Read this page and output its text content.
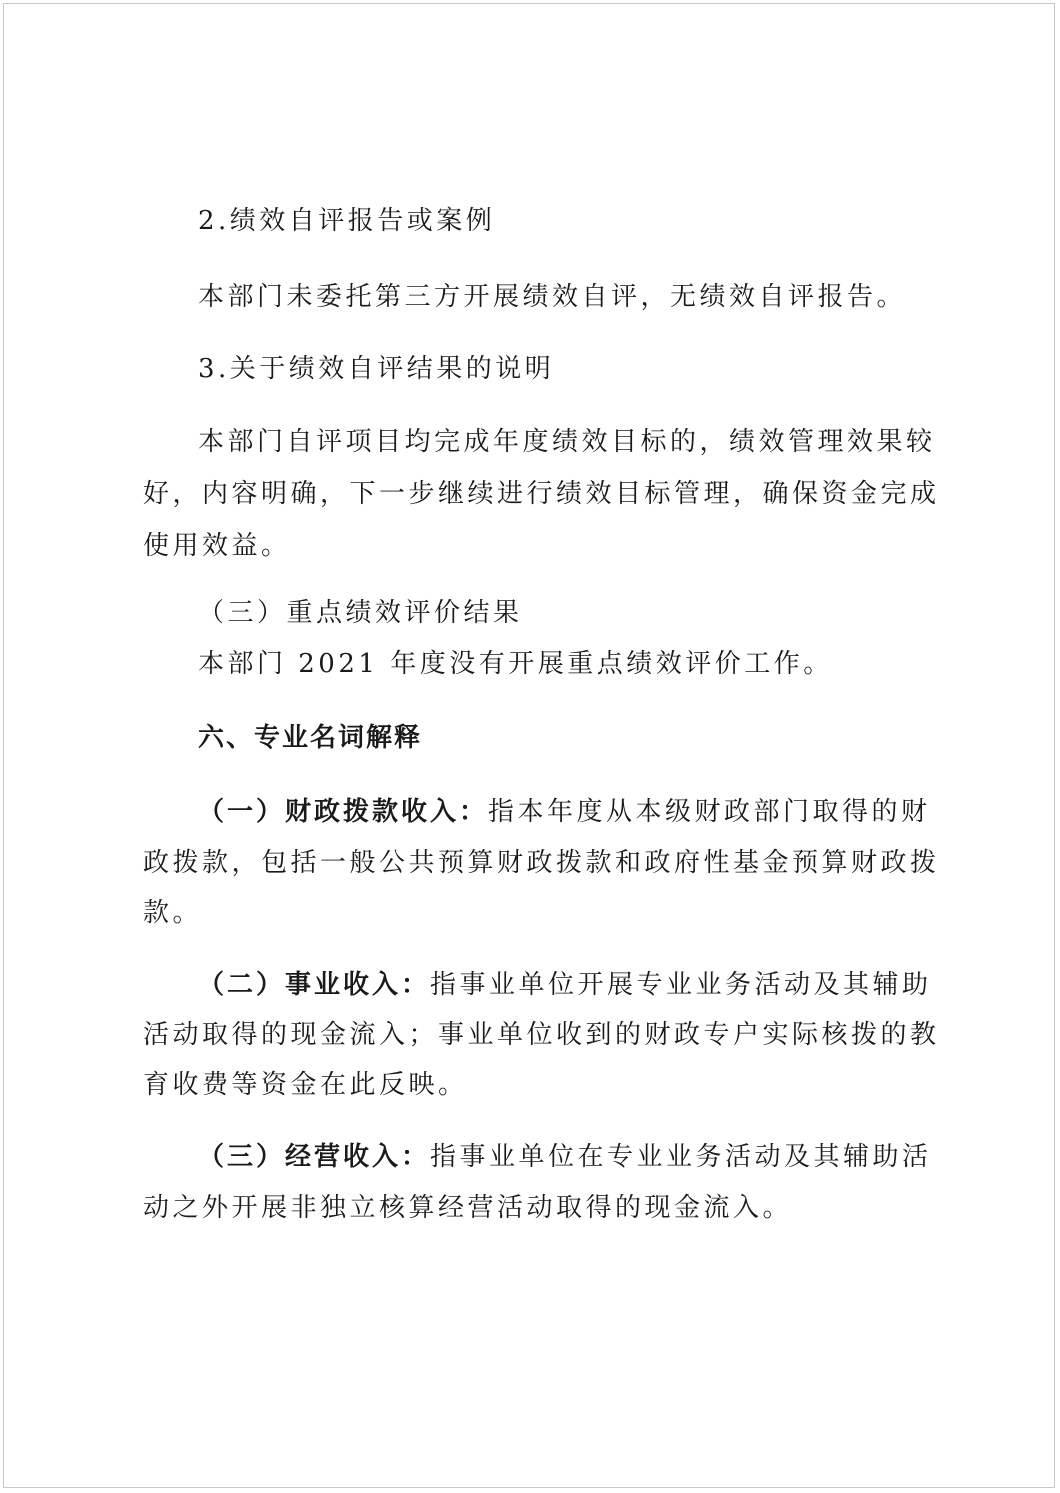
2.绩效自评报告或案例
本部门未委托第三方开展绩效自评，无绩效自评报告。
3.关于绩效自评结果的说明
本部门自评项目均完成年度绩效目标的，绩效管理效果较
好，内容明确，下一步继续进行绩效目标管理，确保资金完成
使用效益。
（三）重点绩效评价结果
本部门 2021 年度没有开展重点绩效评价工作。
六、专业名词解释
（一）财政拨款收入：指本年度从本级财政部门取得的财
政拨款，包括一般公共预算财政拨款和政府性基金预算财政拨
款。
（二）事业收入：指事业单位开展专业业务活动及其辅助
活动取得的现金流入；事业单位收到的财政专户实际核拨的教
育收费等资金在此反映。
（三）经营收入：指事业单位在专业业务活动及其辅助活
动之外开展非独立核算经营活动取得的现金流入。
